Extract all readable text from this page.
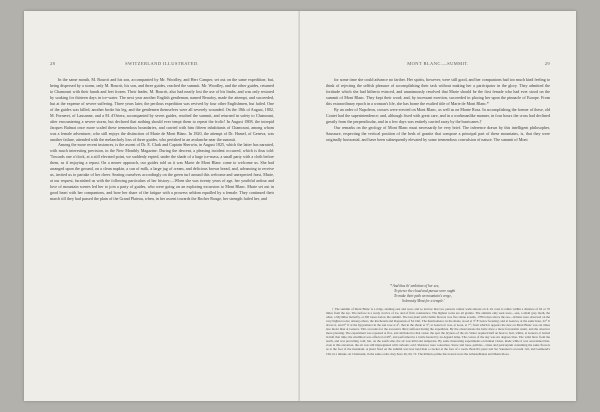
28	SWITZERLAND ILLUSTRATED.

In the same month, M. Bourrit and his son, accompanied by Mr. Woodley, and Herr Camper, set out on the same expedition; but, being dispersed by a storm, only M. Bourrit, his son, and three guides, reached the summit. Mr. Woodley, and the other guides, returned to Chamouni with their hands and feet frozen. Their leader, M. Bourrit, also had nearly lost the use of his limbs, and was only restored by soaking for thirteen days in ice-water. The next year another English gentleman, named Beaufoy, made the attempt, and succeeded, but at the expense of severe suffering. Three years later, the perilous expedition was revived by four other Englishmen, but failed. One of the guides was killed, another broke his leg, and the gentlemen themselves were all severely wounded. On the 18th of August, 1802, M. Forneret, of Lausanne, and a M. d'Ortera, accompanied by seven guides, reached the summit, and returned in safety to Chamouni, after encountering a severe storm, but declared that nothing should ever tempt them to repeat the frolic! In August 1808, the intrepid Jacques Balmat once more scaled these tremendous boundaries, and carried with him fifteen inhabitants of Chamouni, among whom was a female adventurer, who still enjoys the distinction of Marie de Mont Blanc. In 1820, the attempt of Dr. Hamel, of Geneva, was another failure, attended with the melancholy loss of three guides, who perished in an avalanche near the summit.

Among the more recent instances, is the ascent of Dr. E. Clark and Captain Sherwin, in August 1825, which the latter has narrated, with much interesting precision, in the New Monthly Magazine. During the descent, a pleasing incident occurred, which is thus told: 'Towards one o'clock, at a still elevated point, we suddenly espied, under the shade of a large ice-mass, a small party with a cloth before them, as if enjoying a repast. On a nearer approach, our guides told us it was Marie de Mont Blanc come to welcome us. She had arranged upon the ground, on a clean napkin, a can of milk, a large jug of cream, and delicious brown bread, and, advancing to receive us, invited us to partake of her cheer. Seating ourselves accordingly on the green turf around this welcome and unexpected feast, Marie, at our request, furnished us with the following particulars of her history:—When she was twenty years of age, her youthful ardour and love of mountain scenes led her to join a party of guides, who were going on an exploring excursion to Mont Blanc. Marie set out in good heart with her companions, and bore her share of the fatigue with a prowess seldom equalled by a female. They continued their march till they had passed the plain of the Grand Plateau, when, in her ascent towards the Rocher Rouge, her strength failed her, and

MONT BLANC.—SUMMIT.	29

for some time she could advance no farther. Her spirits, however, were still good, and her companions had too much kind feeling to think of rejecting the selfish pleasure of accomplishing their task without making her a participator in the glory. They admitted the fortitude which she had hitherto evinced, and unanimously resolved that Marie should be the first female who had ever stood on the summit of Mont Blanc. They kept their word; and, by incessant exertion, succeeded in placing her upon the pinnacle of Europe. From this extraordinary epoch in a woman's life, she has borne the exalted title of Marie de Mont Blanc.*

By an order of Napoleon, crosses were erected on Mont Blanc, as well as on Monte Rosa. In accomplishing the former of these, old Coutet had the superintendence; and, although fixed with great care, and in a workmanlike manner, in four hours the cross had declined greatly from the perpendicular, and in a few days was entirely carried away by the hurricanes.†

Our remarks on the geology of Mont Blanc must necessarily be very brief. The inference drawn by this intelligent philosopher, Saussure, respecting the vertical position of the beds of granite that compose a principal part of these mountains, is, that they were originally horizontal, and have been subsequently elevated by some tremendous convulsion of nature. The summit of Mont

* And thus th' ambition of her sex,
To pierce the cloud and pursue were ought
To make their path on mountain's verge,
Solemnity Mont for a temple.'

† The summit of Mont Blanc is a ridge, running east and west, and so narrow that two persons cannot walk abreast on it. Its crest is rather within a distance of 62 or 70 miles from the top. The surface is a ready crevice of ice, and of firm consistence. The highest rocks are all granite. The animals only seen were—one, a small grey moth, the other, a Myrtillus butterfly, at 300 toises below the summit. The last plant with visible flowers was five silene acaulis, 1780 toises above the sea—lichens were observed on the very highest rocks; among others, the Rocheram and Dapuenus of M. Duf. The thermometer, in the shade, stood at 3° 8' below freezing; and at Geneva, at the same hour, 22° 6' above it, and 0° 6' at the hygrometer in the sun rose at 4°, that in the shade at 3°; at Geneva it was, at noon, at 7°; from which it appears the dew on Mont Blanc was six times less moist than at Geneva. This accounts for the excessive thirst suffered during the expedition. By the observations the belle drew a more favourable result, and the observer more pleasing. The experiment was repeated at five, and attributed to that cause: the spot the dryness of the air. Water required half an hour to boil, whilst, at Geneva, it boiled in half that time; the ebullition was effected at 68°, and performed in a bottle heated by an Argand lamp. The colour of the sky was six degrees blue. The wind blew from the north, and was prevailing cold; but, on the south side, the air was mild and temperate. By some interesting experiments on human vision, made while it was ascertained that, even at this elevation, the air was still impregnated with carbonic acid. Shadows were colourless. Snow and trees, pebbles—vines and pericarpum containing the same flowers as at the foot of the mountain. A pistol fired on the summit was less loud than a cracker at the foot of a room. Bourrit's pater text 92, Saussure's account 122, and Gaimond's 199, in a minute. At Chamouni, in the same order, they have 40, 60, 72. The hitherto prime discovered were the Arbustehianus and Mente Rosa.
